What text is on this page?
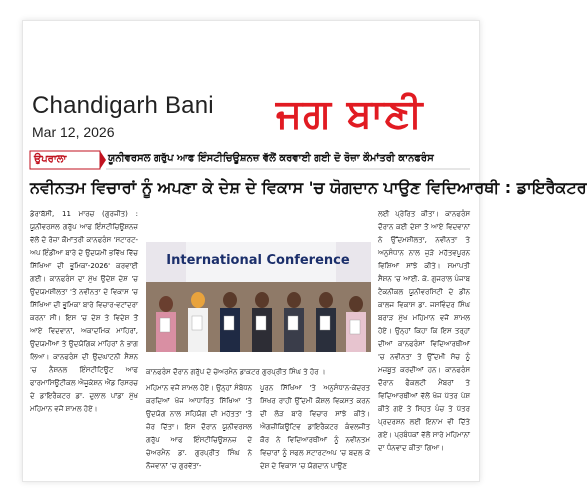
Chandigarh Bani
Mar 12, 2026	ਜਗ ਬਾਣੀ
ਉਪਰਾਲਾ	ਯੂਨੀਵਰਸਲ ਗਰੁੱਪ ਆਫ ਇੰਸਟੀਚਿਊਸ਼ਨਜ਼ ਵੱਲੋਂ ਕਰਵਾਈ ਗਈ ਦੋ ਰੋਜ਼ਾ ਕੌਮਾਂਤਰੀ ਕਾਨਫਰੰਸ
ਨਵੀਨਤਮ ਵਿਚਾਰਾਂ ਨੂੰ ਅਪਣਾ ਕੇ ਦੇਸ਼ ਦੇ ਵਿਕਾਸ 'ਚ ਯੋਗਦਾਨ ਪਾਉਣ ਵਿਦਿਆਰਥੀ : ਡਾਇਰੈਕਟਰ
ਡੇਰਾਬੱਸੀ, 11 ਮਾਰਚ (ਗੁਰਜੀਤ) : ਯੂਨੀਵਰਸਲ ਗਰੁੱਪ ਆਫ ਇੰਸਟੀਚਿਊਸ਼ਨਜ਼ ਵੱਲੋਂ ਦੋ ਰੋਜ਼ਾ ਕੌਮਾਂਤਰੀ ਕਾਨਫਰੰਸ 'ਸਟਾਰਟ-ਅਪ ਇੰਡੀਆ ਬਾਰੇ ਦੇ ਉਦਯਮੀ ਭਵਿੱਖ ਵਿੱਚ ਸਿੱਖਿਆ ਦੀ ਭੂਮਿਕਾ-2026' ਕਰਵਾਈ ਗਈ। ਕਾਨਫਰੰਸ ਦਾ ਮੁੱਖ ਉਦੇਸ਼ ਦੇਸ਼ 'ਚ ਉਦਯਮਸ਼ੀਲਤਾ 'ਤੇ ਨਵੀਨਤਾ ਦੇ ਵਿਕਾਸ 'ਚ ਸਿੱਖਿਆ ਦੀ ਭੂਮਿਕਾ ਬਾਰੇ ਵਿਚਾਰ-ਵਟਾਂਦਰਾ ਕਰਨਾ ਸੀ। ਇਸ 'ਚ ਦੇਸ਼ ਤੇ ਵਿਦੇਸ਼ ਤੋਂ ਆਏ ਵਿਦਵਾਨਾਂ, ਅਕਾਦਮਿਕ ਮਾਹਿਰਾਂ, ਉਦਯਮੀਆਂ ਤੇ ਉਦਯੋਗਿਕ ਮਾਹਿਰਾਂ ਨੇ ਭਾਗ ਲਿਆ। ਕਾਨਫਰੰਸ ਦੀ ਉਦਘਾਟਨੀ ਸੈਸ਼ਨ 'ਚ ਨੈਸ਼ਨਲ ਇੰਸਟੀਟਿਊਟ ਆਫ ਫਾਰਮਾਸਿਊਟੀਕਲ ਐਜੂਕੇਸ਼ਨ ਐਂਡ ਰਿਸਰਚ ਦੇ ਡਾਇਰੈਕਟਰ ਡਾ. ਦੁਲਾਲ ਪਾਂਡਾ ਮੁੱਖ ਮਹਿਮਾਨ ਵਜੋਂ ਸ਼ਾਮਲ ਹੋਏ।
International Conference
ਕਾਨਫਰੰਸ ਦੌਰਾਨ ਗਰੁੱਪ ਦੇ ਚੇਅਰਮੈਨ ਡਾਕਟਰ ਗੁਰਪ੍ਰੀਤ ਸਿੰਘ ਤੇ ਹੋਰ ।
ਮਹਿਮਾਨ ਵਜੋਂ ਸ਼ਾਮਲ ਹੋਏ। ਉਨ੍ਹਾਂ ਸੰਬੋਧਨ ਕਰਦਿਆਂ ਖੋਜ ਆਧਾਰਿਤ ਸਿੱਖਿਆ 'ਤੇ ਉਦਯੋਗ ਨਾਲ ਸਹਿਯੋਗ ਦੀ ਮਹੱਤਤਾ 'ਤੇ ਜ਼ੋਰ ਦਿੱਤਾ। ਇਸ ਦੌਰਾਨ ਯੂਨੀਵਰਸਲ ਗਰੁੱਪ ਆਫ ਇੰਸਟੀਚਿਊਸ਼ਨਜ਼ ਦੇ ਚੇਅਰਮੈਨ ਡਾ. ਗੁਰਪ੍ਰੀਤ ਸਿੰਘ ਨੇ ਨੌਜਵਾਨਾਂ 'ਚ ਗੁਰਵੱਤਾ-
ਪੂਰਨ ਸਿੱਖਿਆ 'ਤੇ ਅਨੁਸੰਧਾਨ-ਕੇਂਦਰਤ ਸਿਖਰ ਰਾਹੀਂ ਉੱਦਮੀ ਕੌਸ਼ਲ ਵਿਕਸਤ ਕਰਨ ਦੀ ਲੋੜ ਬਾਰੇ ਵਿਚਾਰ ਸਾਂਝੇ ਕੀਤੇ। ਐਗਜ਼ੀਕਿਊਟਿਵ ਡਾਇਰੈਕਟਰ ਕੰਵਲਜੀਤ ਕੌਰ ਨੇ ਵਿਦਿਆਰਥੀਆਂ ਨੂੰ ਨਵੀਨਤਮ ਵਿਚਾਰਾਂ ਨੂੰ ਸਫਲ ਸਟਾਰਟਅਪ 'ਚ ਬਦਲ ਕੇ ਦੇਸ਼ ਦੇ ਵਿਕਾਸ 'ਚ ਯੋਗਦਾਨ ਪਾਉਣ
ਲਈ ਪ੍ਰੇਰਿਤ ਕੀਤਾ। ਕਾਨਫਰੰਸ ਦੌਰਾਨ ਕਈ ਦੇਸ਼ਾਂ ਤੋਂ ਆਏ ਵਿਦਵਾਨਾਂ ਨੇ ਉੱਦਮਸ਼ੀਲਤਾ, ਨਵੀਨਤਾ ਤੇ ਅਨੁਸੰਧਾਨ ਨਾਲ ਜੁੜੇ ਮਹੱਤਵਪੂਰਨ ਵਿਸ਼ਿਆਂ ਸਾਂਝੇ ਕੀਤੇ। ਸਮਾਪਤੀ ਸੈਸ਼ਨ 'ਚ ਆਈ. ਕੇ. ਗੁਜਰਾਲ ਪੰਜਾਬ ਟੈਕਨੀਕਲ ਯੂਨੀਵਰਸਿਟੀ ਦੇ ਡੀਨ ਕਾਲਜ ਵਿਕਾਸ ਡਾ. ਜਸਵਿੰਦਰ ਸਿੰਘ ਬਰਾੜ ਮੁੱਖ ਮਹਿਮਾਨ ਵਜੋਂ ਸ਼ਾਮਲ ਹੋਏ। ਉਨ੍ਹਾਂ ਕਿਹਾ ਕਿ ਇਸ ਤਰ੍ਹਾਂ ਦੀਆਂ ਕਾਨਫਰੰਸਾਂ ਵਿਦਿਆਰਥੀਆਂ 'ਚ ਨਵੀਨਤਾ ਤੇ ਉੱਦਮੀ ਸੋਚ ਨੂੰ ਮਜ਼ਬੂਤ ਕਰਦੀਆਂ ਹਨ। ਕਾਨਫਰੰਸ ਦੌਰਾਨ ਫੈਕਲਟੀ ਮੈਂਬਰਾਂ ਤੇ ਵਿਦਿਆਰਥੀਆਂ ਵੱਲੋਂ ਖੋਜ ਪੱਤਰ ਪੇਸ਼ ਕੀਤੇ ਗਏ ਤੇ ਸਿਹਤ ਪੰਚ ਤੇ ਪੱਤਰ ਪ੍ਰਦਰਸ਼ਨ ਲਈ ਇਨਾਮ ਵੀ ਦਿੱਤੇ ਗਏ। ਪ੍ਰਬੰਧਕਾਂ ਵੱਲੋਂ ਸਾਰੇ ਮਹਿਮਾਨਾਂ ਦਾ ਧੰਨਵਾਦ ਕੀਤਾ ਗਿਆ।
